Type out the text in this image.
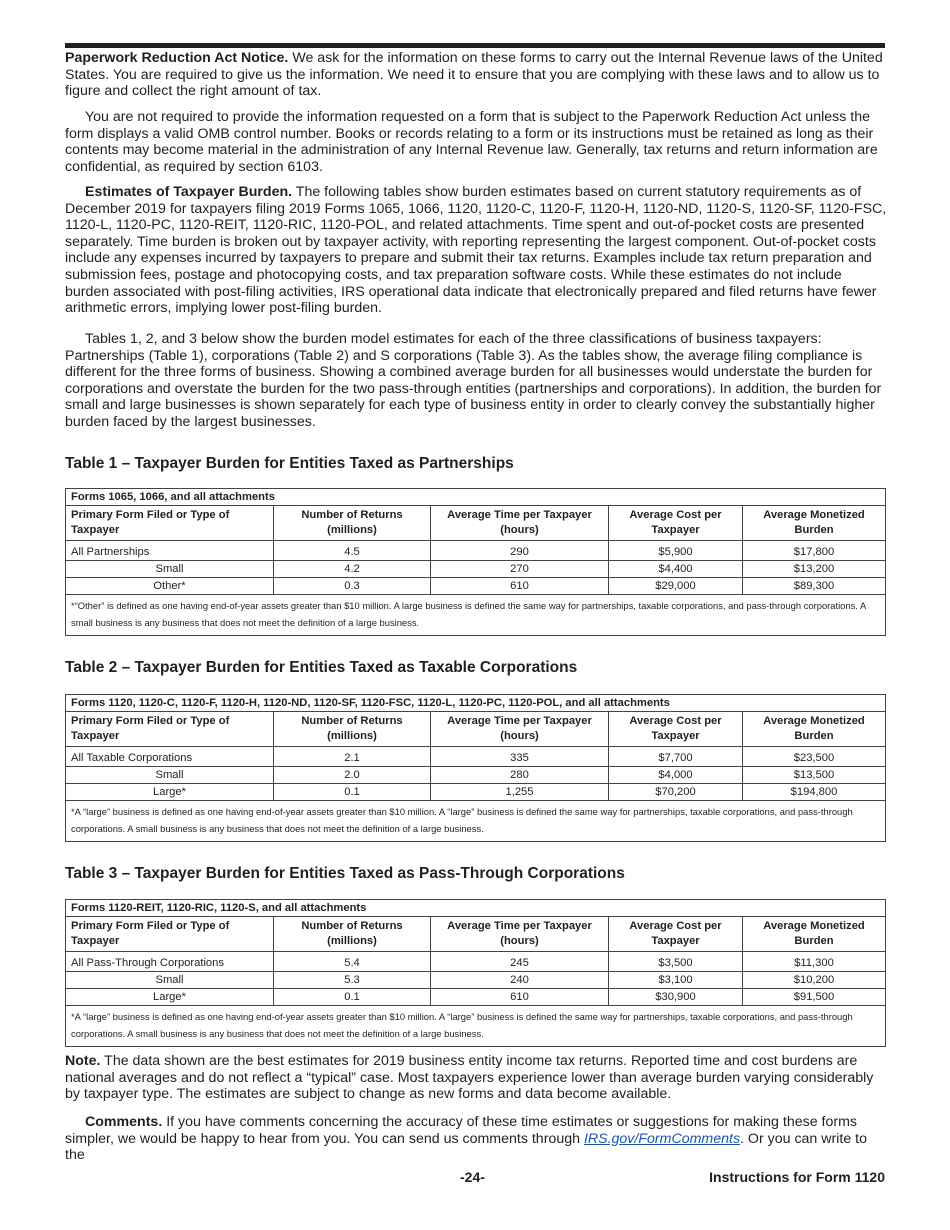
Paperwork Reduction Act Notice. We ask for the information on these forms to carry out the Internal Revenue laws of the United States. You are required to give us the information. We need it to ensure that you are complying with these laws and to allow us to figure and collect the right amount of tax.

You are not required to provide the information requested on a form that is subject to the Paperwork Reduction Act unless the form displays a valid OMB control number. Books or records relating to a form or its instructions must be retained as long as their contents may become material in the administration of any Internal Revenue law. Generally, tax returns and return information are confidential, as required by section 6103.

Estimates of Taxpayer Burden. The following tables show burden estimates based on current statutory requirements as of December 2019 for taxpayers filing 2019 Forms 1065, 1066, 1120, 1120-C, 1120-F, 1120-H, 1120-ND, 1120-S, 1120-SF, 1120-FSC, 1120-L, 1120-PC, 1120-REIT, 1120-RIC, 1120-POL, and related attachments. Time spent and out-of-pocket costs are presented separately. Time burden is broken out by taxpayer activity, with reporting representing the largest component. Out-of-pocket costs include any expenses incurred by taxpayers to prepare and submit their tax returns. Examples include tax return preparation and submission fees, postage and photocopying costs, and tax preparation software costs. While these estimates do not include burden associated with post-filing activities, IRS operational data indicate that electronically prepared and filed returns have fewer arithmetic errors, implying lower post-filing burden.

Tables 1, 2, and 3 below show the burden model estimates for each of the three classifications of business taxpayers: Partnerships (Table 1), corporations (Table 2) and S corporations (Table 3). As the tables show, the average filing compliance is different for the three forms of business. Showing a combined average burden for all businesses would understate the burden for corporations and overstate the burden for the two pass-through entities (partnerships and corporations). In addition, the burden for small and large businesses is shown separately for each type of business entity in order to clearly convey the substantially higher burden faced by the largest businesses.

Table 1 – Taxpayer Burden for Entities Taxed as Partnerships
Forms 1065, 1066, and all attachments				
Primary Form Filed or Type of Taxpayer	Number of Returns (millions)	Average Time per Taxpayer (hours)	Average Cost per Taxpayer	Average Monetized Burden
All Partnerships	4.5	290	$5,900	$17,800
Small	4.2	270	$4,400	$13,200
Other*	0.3	610	$29,000	$89,300
*“Other” is defined as one having end-of-year assets greater than $10 million. A large business is defined the same way for partnerships, taxable corporations, and pass-through corporations. A small business is any business that does not meet the definition of a large business.				
Table 2 – Taxpayer Burden for Entities Taxed as Taxable Corporations
Forms 1120, 1120-C, 1120-F, 1120-H, 1120-ND, 1120-SF, 1120-FSC, 1120-L, 1120-PC, 1120-POL, and all attachments				
Primary Form Filed or Type of Taxpayer	Number of Returns (millions)	Average Time per Taxpayer (hours)	Average Cost per Taxpayer	Average Monetized Burden
All Taxable Corporations	2.1	335	$7,700	$23,500
Small	2.0	280	$4,000	$13,500
Large*	0.1	1,255	$70,200	$194,800
*A “large” business is defined as one having end-of-year assets greater than $10 million. A “large” business is defined the same way for partnerships, taxable corporations, and pass-through corporations. A small business is any business that does not meet the definition of a large business.				
Table 3 – Taxpayer Burden for Entities Taxed as Pass-Through Corporations
Forms 1120-REIT, 1120-RIC, 1120-S, and all attachments				
Primary Form Filed or Type of Taxpayer	Number of Returns (millions)	Average Time per Taxpayer (hours)	Average Cost per Taxpayer	Average Monetized Burden
All Pass-Through Corporations	5.4	245	$3,500	$11,300
Small	5.3	240	$3,100	$10,200
Large*	0.1	610	$30,900	$91,500
*A “large” business is defined as one having end-of-year assets greater than $10 million. A “large” business is defined the same way for partnerships, taxable corporations, and pass-through corporations. A small business is any business that does not meet the definition of a large business.				

Note. The data shown are the best estimates for 2019 business entity income tax returns. Reported time and cost burdens are national averages and do not reflect a “typical” case. Most taxpayers experience lower than average burden varying considerably by taxpayer type. The estimates are subject to change as new forms and data become available.

Comments. If you have comments concerning the accuracy of these time estimates or suggestions for making these forms simpler, we would be happy to hear from you. You can send us comments through IRS.gov/FormComments. Or you can write to the

-24-	Instructions for Form 1120
